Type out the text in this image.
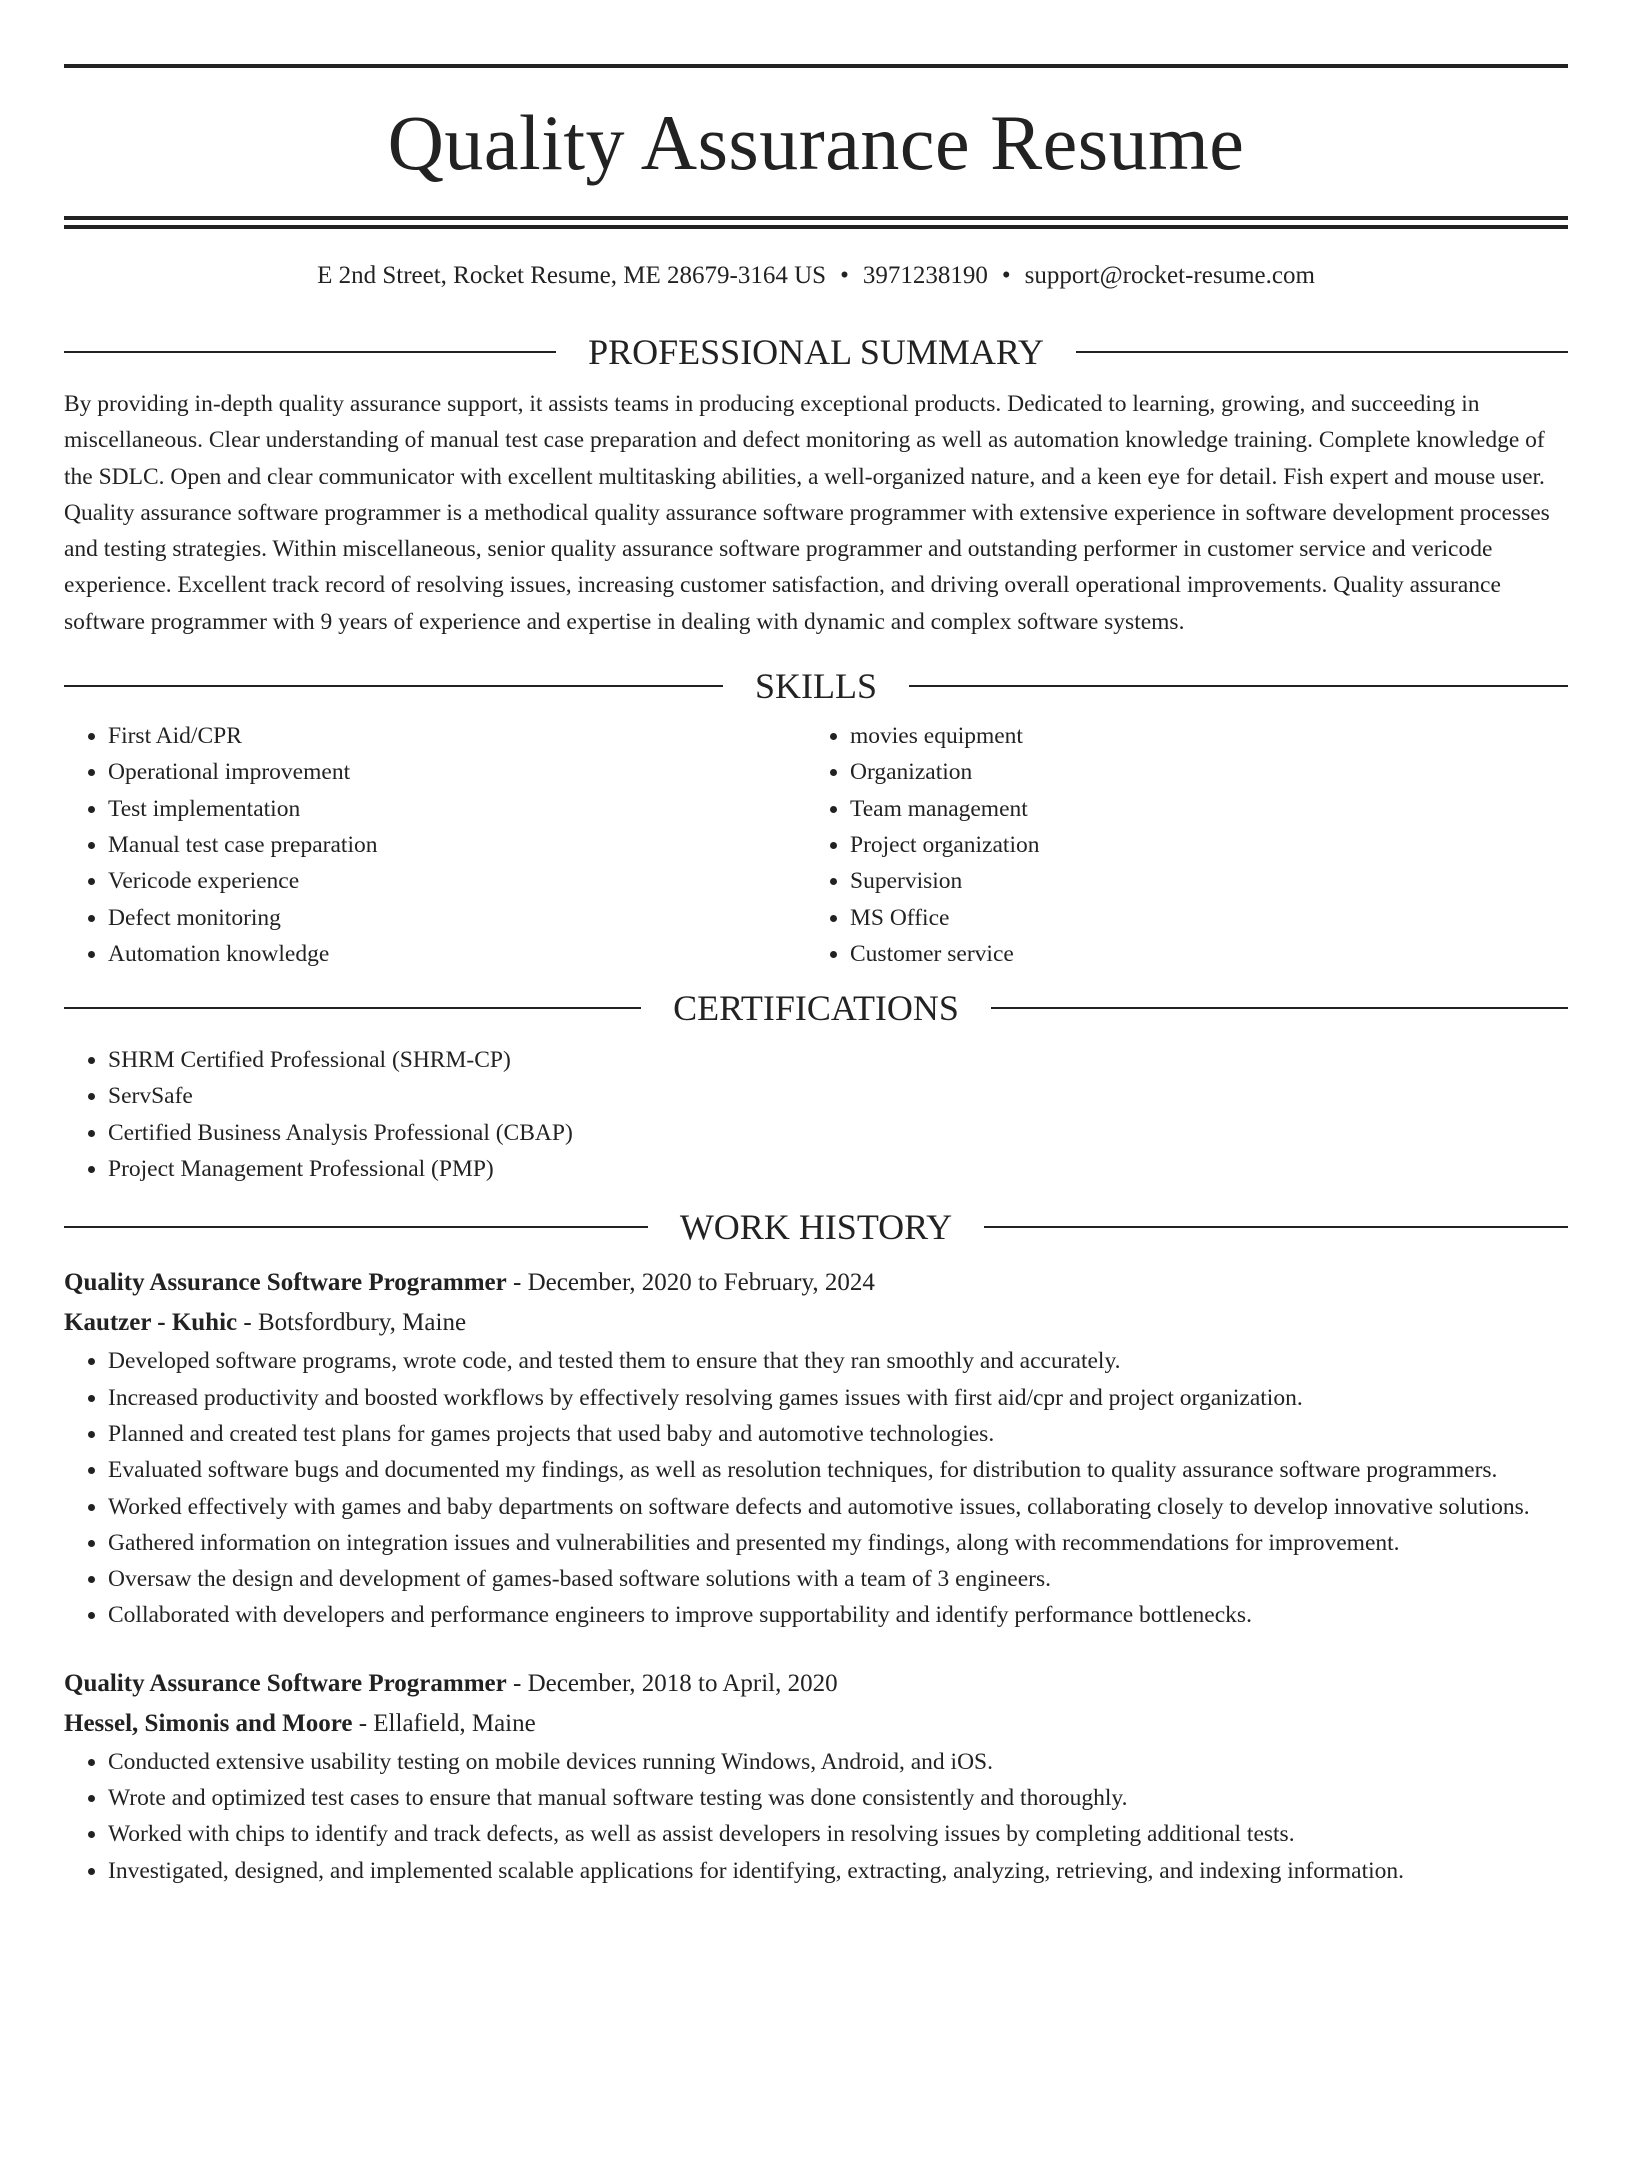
Quality Assurance Resume

E 2nd Street, Rocket Resume, ME 28679-3164 US • 3971238190 • support@rocket-resume.com

PROFESSIONAL SUMMARY

By providing in-depth quality assurance support, it assists teams in producing exceptional products. Dedicated to learning, growing, and succeeding in miscellaneous. Clear understanding of manual test case preparation and defect monitoring as well as automation knowledge training. Complete knowledge of the SDLC. Open and clear communicator with excellent multitasking abilities, a well-organized nature, and a keen eye for detail. Fish expert and mouse user. Quality assurance software programmer is a methodical quality assurance software programmer with extensive experience in software development processes and testing strategies. Within miscellaneous, senior quality assurance software programmer and outstanding performer in customer service and vericode experience. Excellent track record of resolving issues, increasing customer satisfaction, and driving overall operational improvements. Quality assurance software programmer with 9 years of experience and expertise in dealing with dynamic and complex software systems.

SKILLS
• First Aid/CPR
• Operational improvement
• Test implementation
• Manual test case preparation
• Vericode experience
• Defect monitoring
• Automation knowledge
• movies equipment
• Organization
• Team management
• Project organization
• Supervision
• MS Office
• Customer service
CERTIFICATIONS
• SHRM Certified Professional (SHRM-CP)
• ServSafe
• Certified Business Analysis Professional (CBAP)
• Project Management Professional (PMP)
WORK HISTORY

Quality Assurance Software Programmer - December, 2020 to February, 2024

Kautzer - Kuhic - Botsfordbury, Maine

• Developed software programs, wrote code, and tested them to ensure that they ran smoothly and accurately.
• Increased productivity and boosted workflows by effectively resolving games issues with first aid/cpr and project organization.
• Planned and created test plans for games projects that used baby and automotive technologies.
• Evaluated software bugs and documented my findings, as well as resolution techniques, for distribution to quality assurance software programmers.
• Worked effectively with games and baby departments on software defects and automotive issues, collaborating closely to develop innovative solutions.
• Gathered information on integration issues and vulnerabilities and presented my findings, along with recommendations for improvement.
• Oversaw the design and development of games-based software solutions with a team of 3 engineers.
• Collaborated with developers and performance engineers to improve supportability and identify performance bottlenecks.

Quality Assurance Software Programmer - December, 2018 to April, 2020

Hessel, Simonis and Moore - Ellafield, Maine

• Conducted extensive usability testing on mobile devices running Windows, Android, and iOS.
• Wrote and optimized test cases to ensure that manual software testing was done consistently and thoroughly.
• Worked with chips to identify and track defects, as well as assist developers in resolving issues by completing additional tests.
• Investigated, designed, and implemented scalable applications for identifying, extracting, analyzing, retrieving, and indexing information.
